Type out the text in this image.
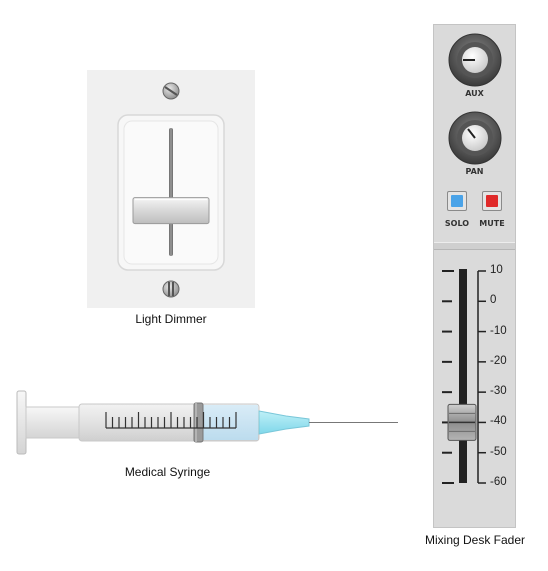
Light Dimmer
Medical Syringe
AUX
PAN
SOLO	MUTE
10
0
-10
-20
-30
-40
-50
-60
Mixing Desk Fader
